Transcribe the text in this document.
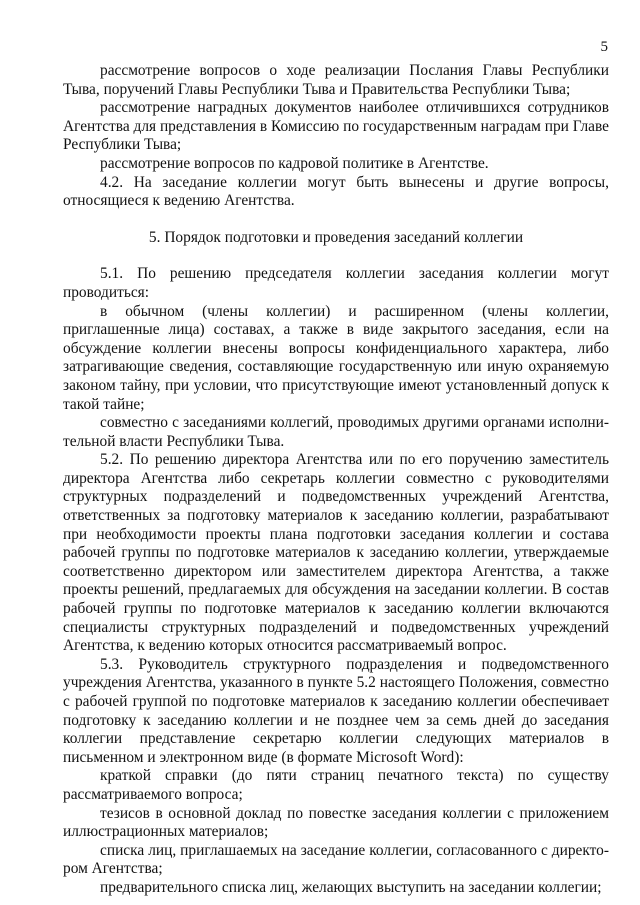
5

рассмотрение вопросов о ходе реализации Послания Главы Республики Тыва, поручений Главы Республики Тыва и Правительства Республики Тыва;

рассмотрение наградных документов наиболее отличившихся сотрудников Агентства для представления в Комиссию по государственным наградам при Главе Республики Тыва;

рассмотрение вопросов по кадровой политике в Агентстве.

4.2. На заседание коллегии могут быть вынесены и другие вопросы, относящиеся к ведению Агентства.

5. Порядок подготовки и проведения заседаний коллегии

5.1. По решению председателя коллегии заседания коллегии могут проводиться:

в обычном (члены коллегии) и расширенном (члены коллегии, приглашенные лица) составах, а также в виде закрытого заседания, если на обсуждение коллегии внесены вопросы конфиденциального характера, либо затрагивающие сведения, составляющие государственную или иную охраняемую законом тайну, при условии, что присутствующие имеют установленный допуск к такой тайне;

совместно с заседаниями коллегий, проводимых другими органами исполнительной власти Республики Тыва.

5.2. По решению директора Агентства или по его поручению заместитель директора Агентства либо секретарь коллегии совместно с руководителями структурных подразделений и подведомственных учреждений Агентства, ответственных за подготовку материалов к заседанию коллегии, разрабатывают при необходимости проекты плана подготовки заседания коллегии и состава рабочей группы по подготовке материалов к заседанию коллегии, утверждаемые соответственно директором или заместителем директора Агентства, а также проекты решений, предлагаемых для обсуждения на заседании коллегии. В состав рабочей группы по подготовке материалов к заседанию коллегии включаются специалисты структурных подразделений и подведомственных учреждений Агентства, к ведению которых относится рассматриваемый вопрос.

5.3. Руководитель структурного подразделения и подведомственного учреждения Агентства, указанного в пункте 5.2 настоящего Положения, совместно с рабочей группой по подготовке материалов к заседанию коллегии обеспечивает подготовку к заседанию коллегии и не позднее чем за семь дней до заседания коллегии представление секретарю коллегии следующих материалов в письменном и электронном виде (в формате Microsoft Word):

краткой справки (до пяти страниц печатного текста) по существу рассматриваемого вопроса;

тезисов в основной доклад по повестке заседания коллегии с приложением иллюстрационных материалов;

списка лиц, приглашаемых на заседание коллегии, согласованного с директором Агентства;

предварительного списка лиц, желающих выступить на заседании коллегии;
